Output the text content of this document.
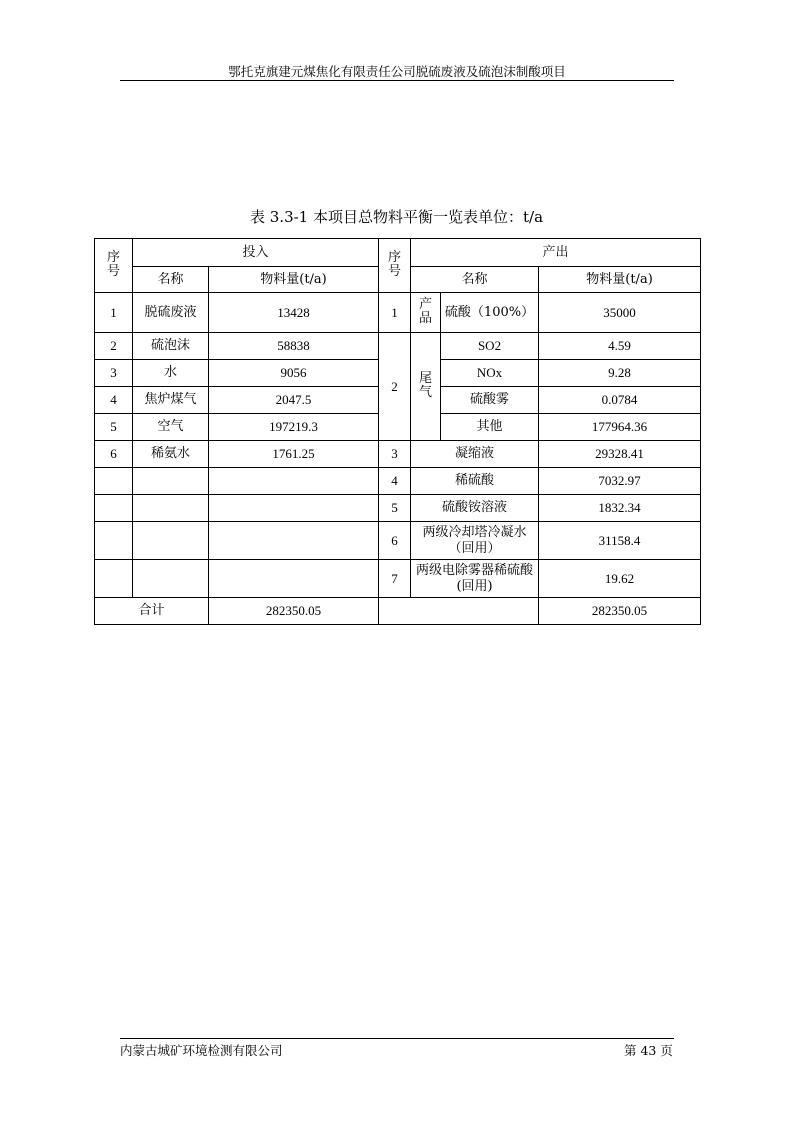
鄂托克旗建元煤焦化有限责任公司脱硫废液及硫泡沫制酸项目
表 3.3-1 本项目总物料平衡一览表单位：t/a
序号	投入		序号	产出		
	名称	物料量(t/a)		名称		物料量(t/a)
1	脱硫废液	13428	1	产品	硫酸（100%）	35000
2	硫泡沫	58838	2	尾气	SO2	4.59
3	水	9056			NOx	9.28
4	焦炉煤气	2047.5			硫酸雾	0.0784
5	空气	197219.3			其他	177964.36
6	稀氨水	1761.25	3	凝缩液		29328.41
			4	稀硫酸		7032.97
			5	硫酸铵溶液		1832.34
			6	两级冷却塔冷凝水（回用）		31158.4
			7	两级电除雾器稀硫酸(回用)		19.62
合计		282350.05				282350.05
内蒙古城矿环境检测有限公司	第 43 页
